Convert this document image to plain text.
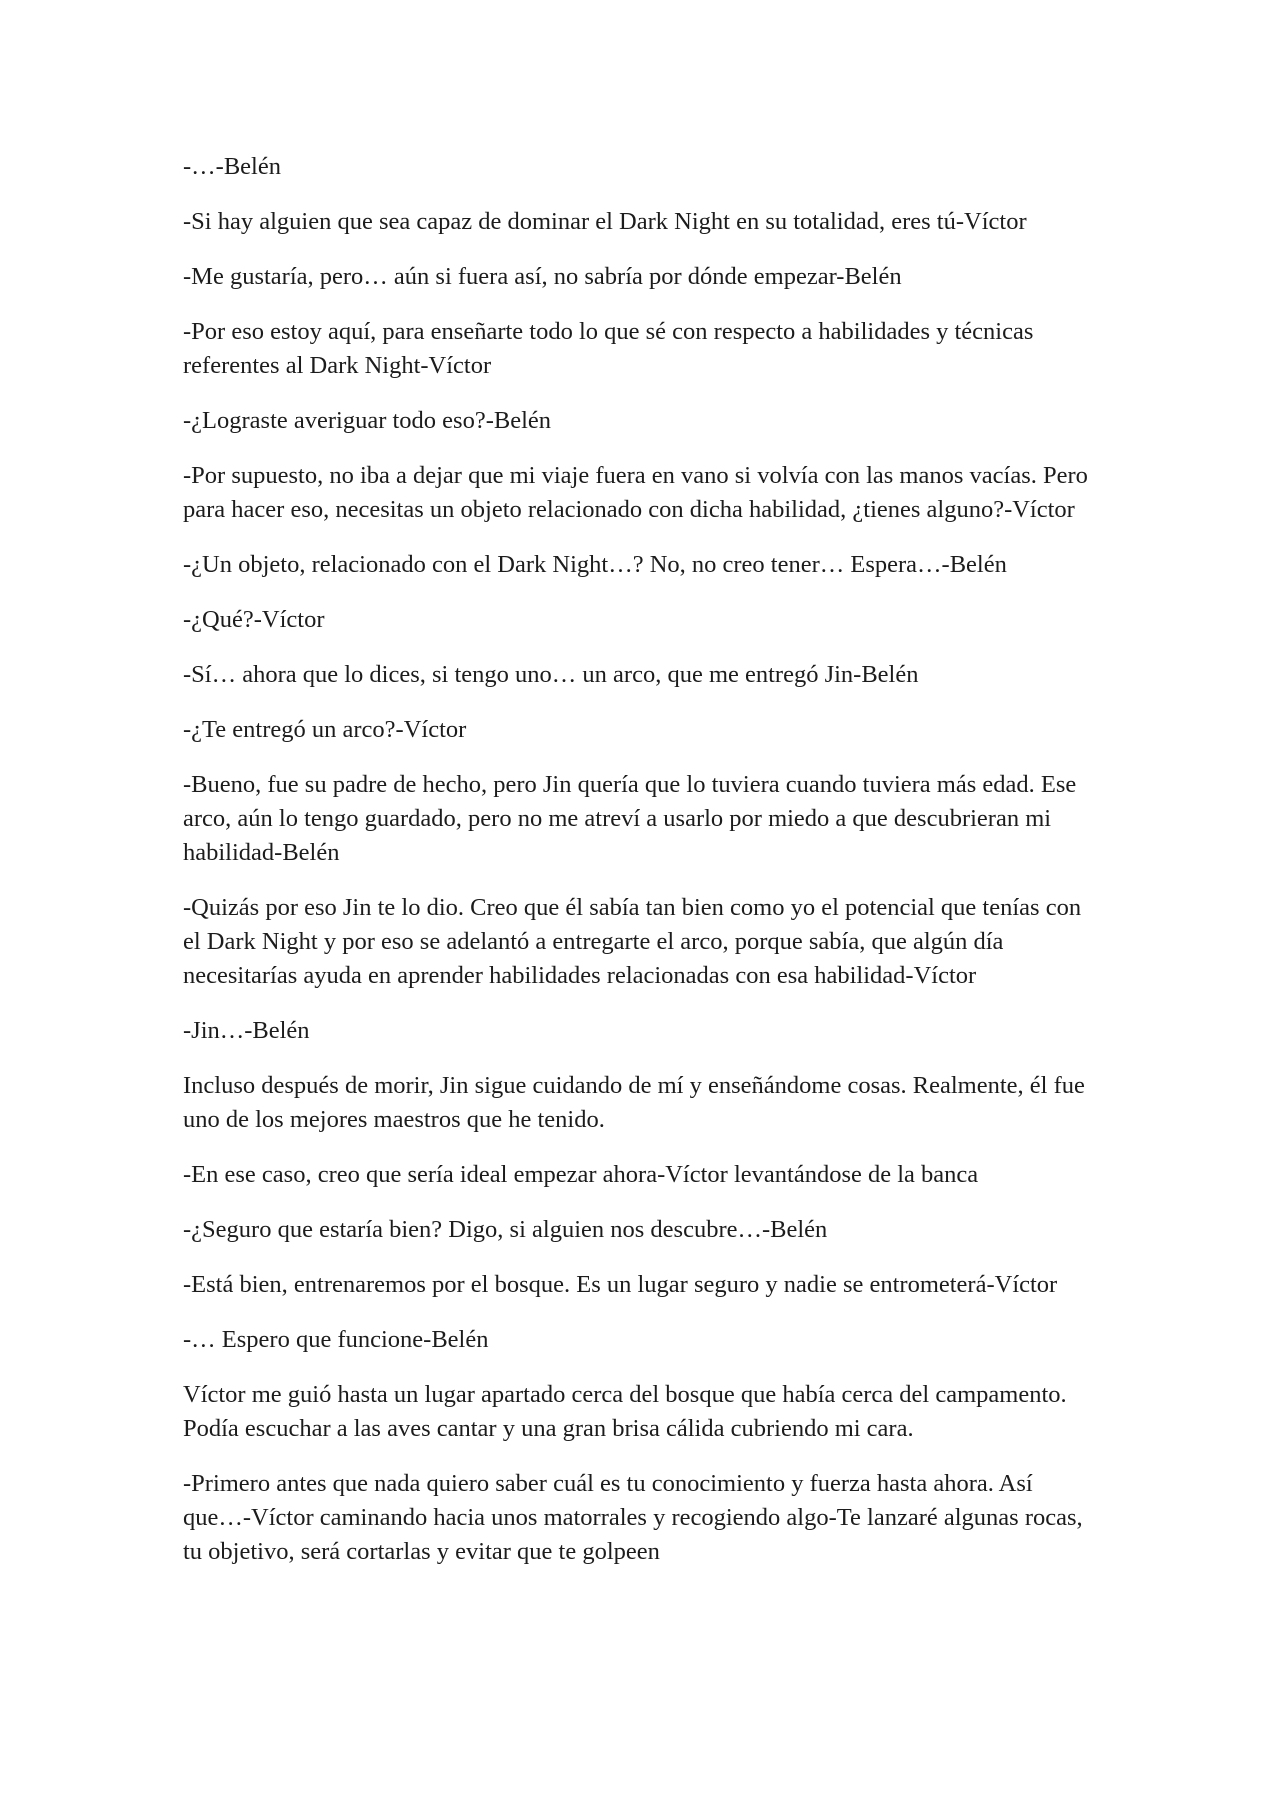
-…-Belén

-Si hay alguien que sea capaz de dominar el Dark Night en su totalidad, eres tú-Víctor

-Me gustaría, pero… aún si fuera así, no sabría por dónde empezar-Belén

-Por eso estoy aquí, para enseñarte todo lo que sé con respecto a habilidades y técnicas referentes al Dark Night-Víctor

-¿Lograste averiguar todo eso?-Belén

-Por supuesto, no iba a dejar que mi viaje fuera en vano si volvía con las manos vacías. Pero para hacer eso, necesitas un objeto relacionado con dicha habilidad, ¿tienes alguno?-Víctor

-¿Un objeto, relacionado con el Dark Night…? No, no creo tener… Espera…-Belén

-¿Qué?-Víctor

-Sí… ahora que lo dices, si tengo uno… un arco, que me entregó Jin-Belén

-¿Te entregó un arco?-Víctor

-Bueno, fue su padre de hecho, pero Jin quería que lo tuviera cuando tuviera más edad. Ese arco, aún lo tengo guardado, pero no me atreví a usarlo por miedo a que descubrieran mi habilidad-Belén

-Quizás por eso Jin te lo dio. Creo que él sabía tan bien como yo el potencial que tenías con el Dark Night y por eso se adelantó a entregarte el arco, porque sabía, que algún día necesitarías ayuda en aprender habilidades relacionadas con esa habilidad-Víctor

-Jin…-Belén

Incluso después de morir, Jin sigue cuidando de mí y enseñándome cosas. Realmente, él fue uno de los mejores maestros que he tenido.

-En ese caso, creo que sería ideal empezar ahora-Víctor levantándose de la banca

-¿Seguro que estaría bien? Digo, si alguien nos descubre…-Belén

-Está bien, entrenaremos por el bosque. Es un lugar seguro y nadie se entrometerá-Víctor

-… Espero que funcione-Belén

Víctor me guió hasta un lugar apartado cerca del bosque que había cerca del campamento. Podía escuchar a las aves cantar y una gran brisa cálida cubriendo mi cara.

-Primero antes que nada quiero saber cuál es tu conocimiento y fuerza hasta ahora. Así que…-Víctor caminando hacia unos matorrales y recogiendo algo-Te lanzaré algunas rocas, tu objetivo, será cortarlas y evitar que te golpeen
